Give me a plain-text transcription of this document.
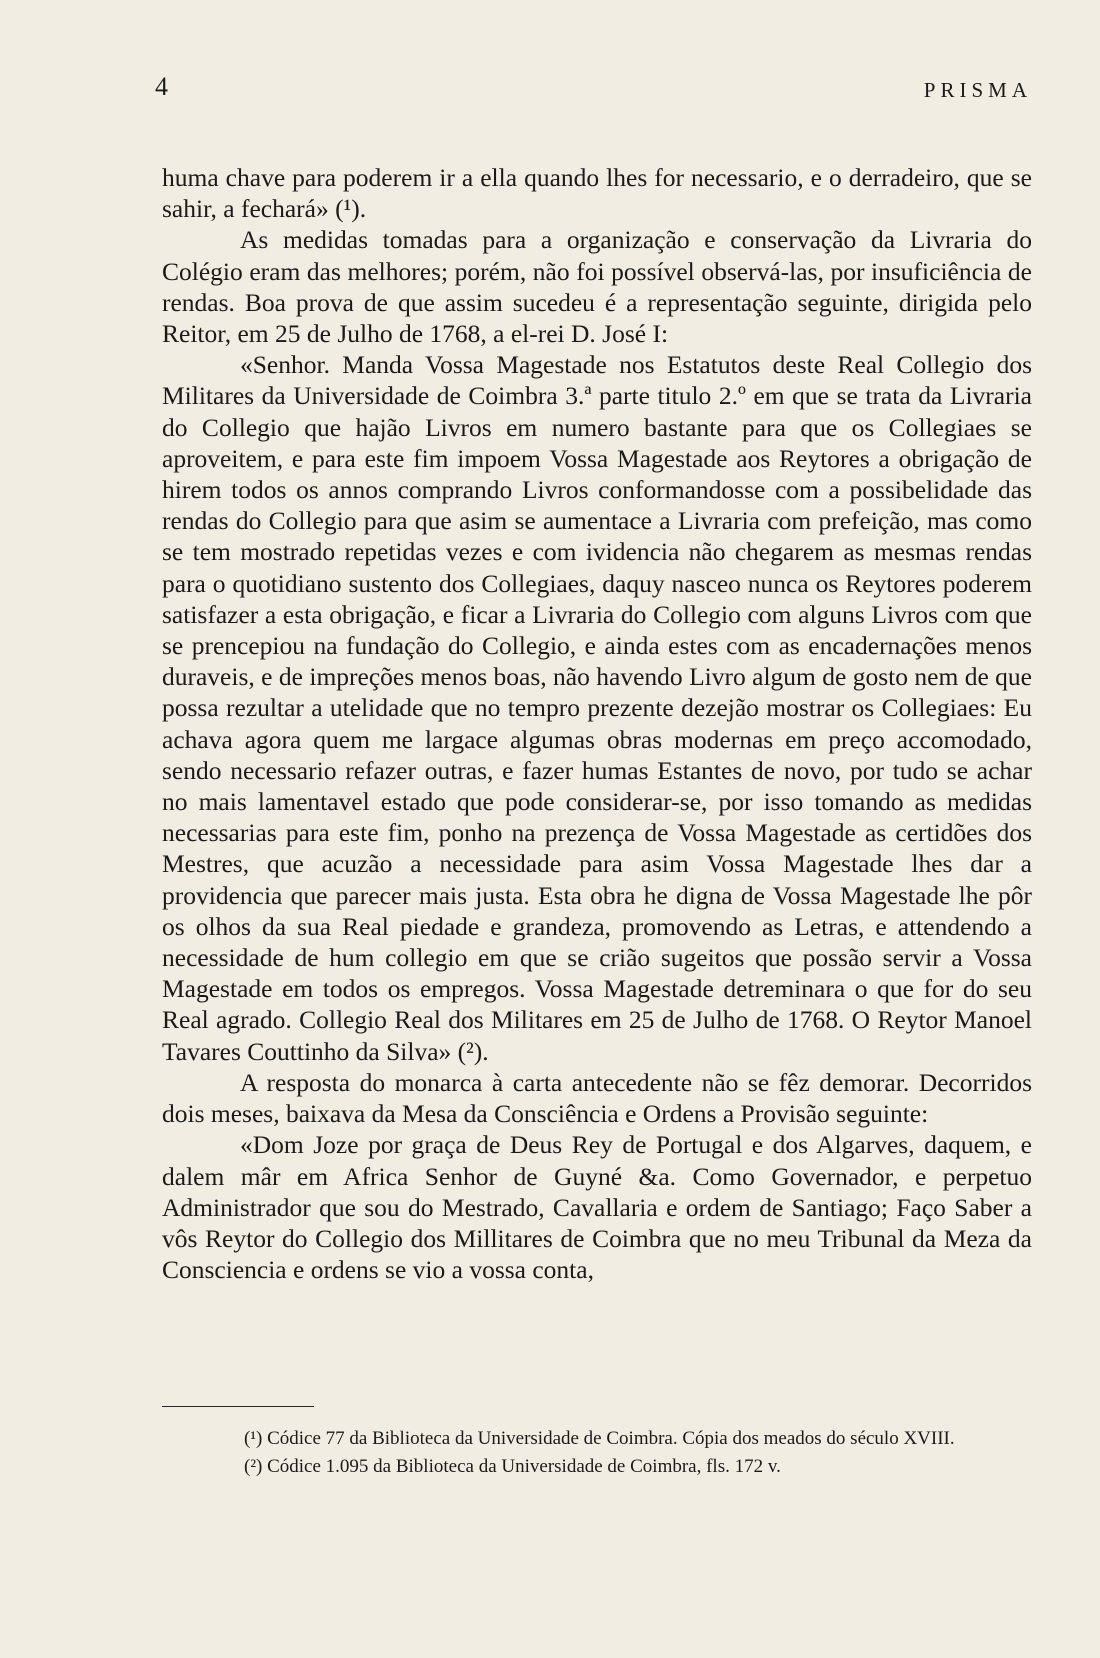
4	PRISMA

huma chave para poderem ir a ella quando lhes for necessario, e o derradeiro, que se sahir, a fechará» (¹).

As medidas tomadas para a organização e conservação da Livraria do Colégio eram das melhores; porém, não foi possível observá-las, por insuficiência de rendas. Boa prova de que assim sucedeu é a representação seguinte, dirigida pelo Reitor, em 25 de Julho de 1768, a el-rei D. José I:

«Senhor. Manda Vossa Magestade nos Estatutos deste Real Collegio dos Militares da Universidade de Coimbra 3.ª parte titulo 2.º em que se trata da Livraria do Collegio que hajão Livros em numero bastante para que os Collegiaes se aproveitem, e para este fim impoem Vossa Magestade aos Reytores a obrigação de hirem todos os annos comprando Livros conformandosse com a possibelidade das rendas do Collegio para que asim se aumentace a Livraria com prefeição, mas como se tem mostrado repetidas vezes e com ividencia não chegarem as mesmas rendas para o quotidiano sustento dos Collegiaes, daquy nasceo nunca os Reytores poderem satisfazer a esta obrigação, e ficar a Livraria do Collegio com alguns Livros com que se prencepiou na fundação do Collegio, e ainda estes com as encadernações menos duraveis, e de impreções menos boas, não havendo Livro algum de gosto nem de que possa rezultar a utelidade que no tempro prezente dezejão mostrar os Collegiaes: Eu achava agora quem me largace algumas obras modernas em preço accomodado, sendo necessario refazer outras, e fazer humas Estantes de novo, por tudo se achar no mais lamentavel estado que pode considerar-se, por isso tomando as medidas necessarias para este fim, ponho na prezença de Vossa Magestade as certidões dos Mestres, que acuzão a necessidade para asim Vossa Magestade lhes dar a providencia que parecer mais justa. Esta obra he digna de Vossa Magestade lhe pôr os olhos da sua Real piedade e grandeza, promovendo as Letras, e attendendo a necessidade de hum collegio em que se crião sugeitos que possão servir a Vossa Magestade em todos os empregos. Vossa Magestade detreminara o que for do seu Real agrado. Collegio Real dos Militares em 25 de Julho de 1768. O Reytor Manoel Tavares Couttinho da Silva» (²).

A resposta do monarca à carta antecedente não se fêz demorar. Decorridos dois meses, baixava da Mesa da Consciência e Ordens a Provisão seguinte:

«Dom Joze por graça de Deus Rey de Portugal e dos Algarves, daquem, e dalem mâr em Africa Senhor de Guyné &a. Como Governador, e perpetuo Administrador que sou do Mestrado, Cavallaria e ordem de Santiago; Faço Saber a vôs Reytor do Collegio dos Millitares de Coimbra que no meu Tribunal da Meza da Consciencia e ordens se vio a vossa conta,

(¹) Códice 77 da Biblioteca da Universidade de Coimbra. Cópia dos meados do século XVIII.

(²) Códice 1.095 da Biblioteca da Universidade de Coimbra, fls. 172 v.
